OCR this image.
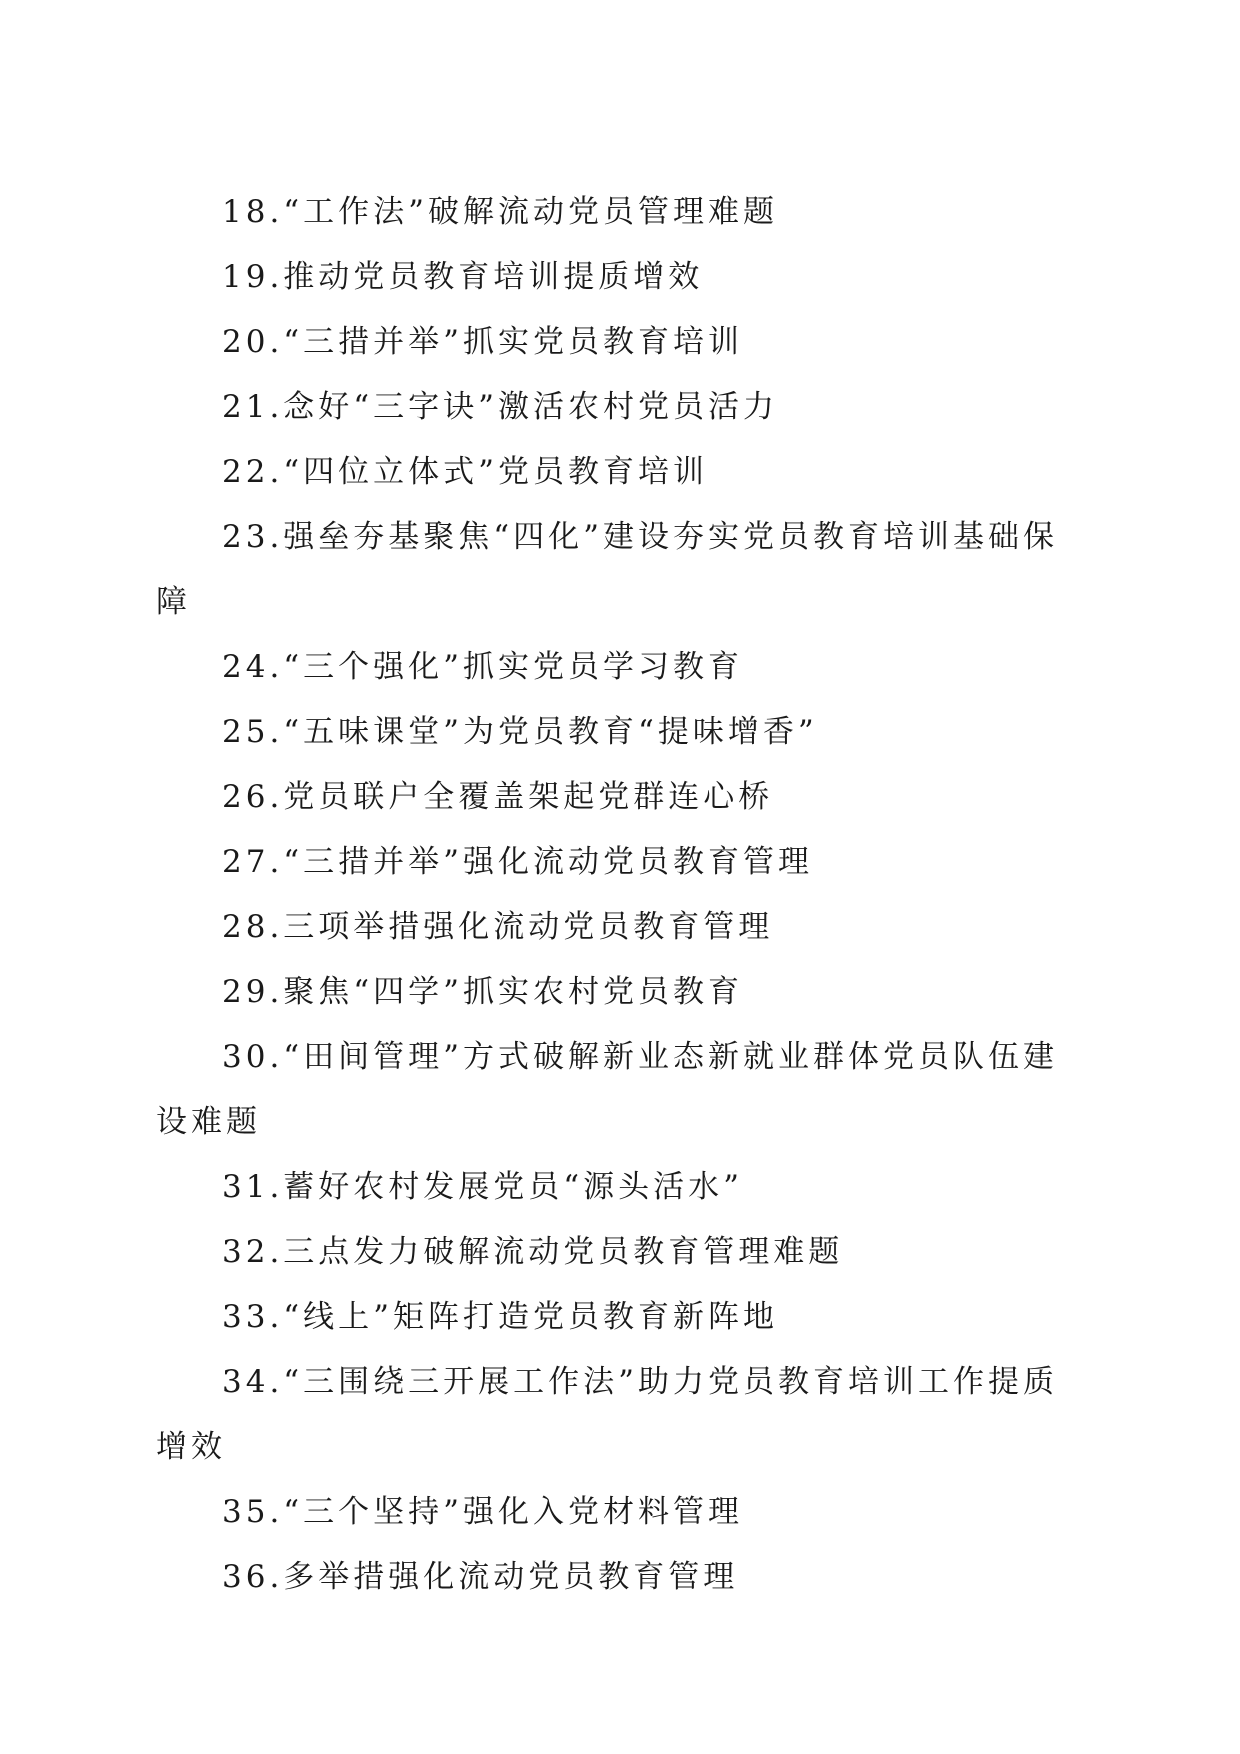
18.“工作法”破解流动党员管理难题

19.推动党员教育培训提质增效

20.“三措并举”抓实党员教育培训

21.念好“三字诀”激活农村党员活力

22.“四位立体式”党员教育培训

23.强垒夯基聚焦“四化”建设夯实党员教育培训基础保障

24.“三个强化”抓实党员学习教育

25.“五味课堂”为党员教育“提味增香”

26.党员联户全覆盖架起党群连心桥

27.“三措并举”强化流动党员教育管理

28.三项举措强化流动党员教育管理

29.聚焦“四学”抓实农村党员教育

30.“田间管理”方式破解新业态新就业群体党员队伍建设难题

31.蓄好农村发展党员“源头活水”

32.三点发力破解流动党员教育管理难题

33.“线上”矩阵打造党员教育新阵地

34.“三围绕三开展工作法”助力党员教育培训工作提质增效

35.“三个坚持”强化入党材料管理

36.多举措强化流动党员教育管理
